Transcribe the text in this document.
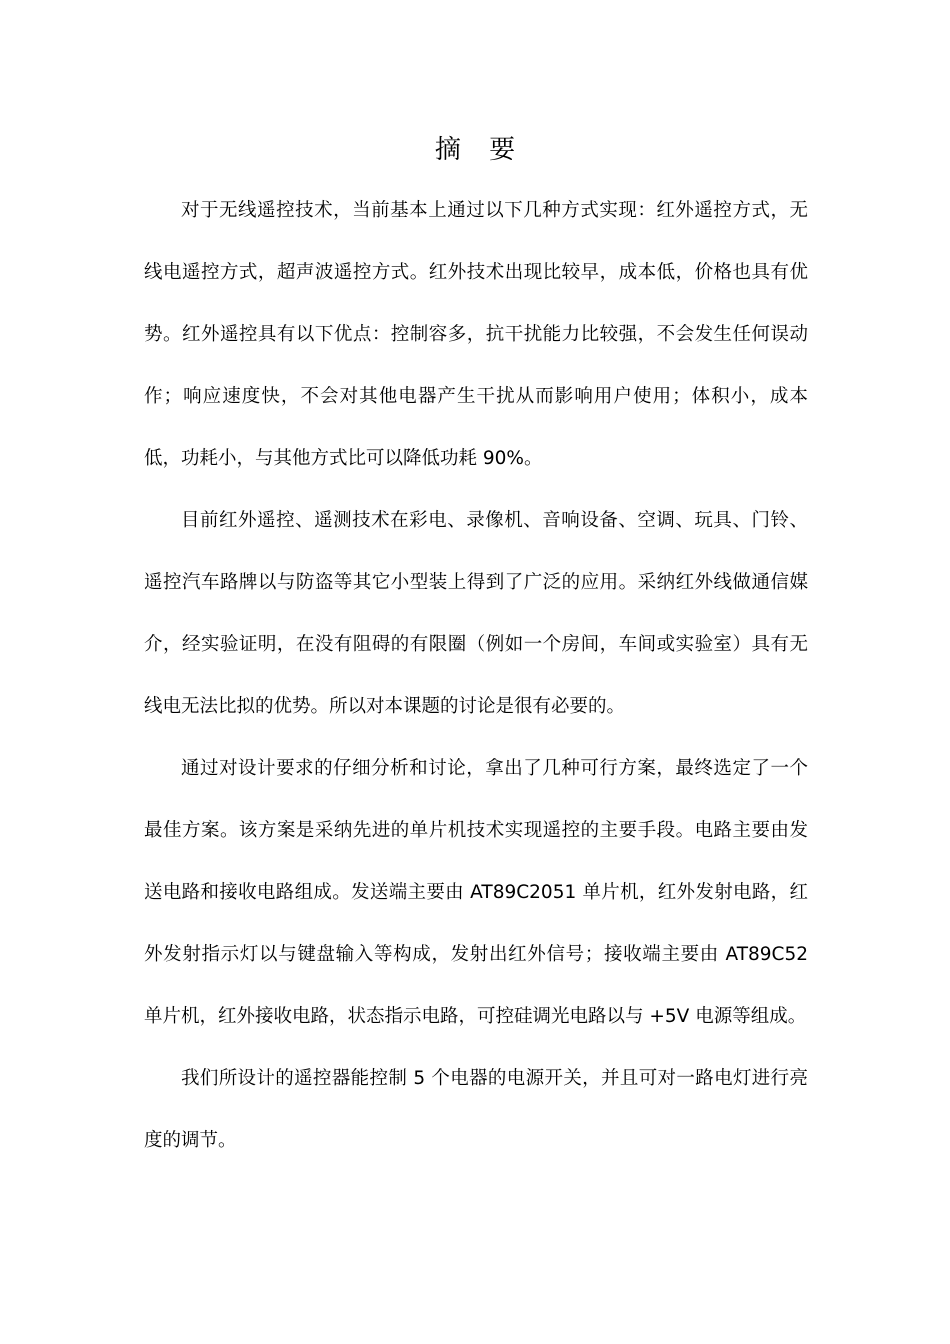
摘 要

对于无线遥控技术，当前基本上通过以下几种方式实现：红外遥控方式，无线电遥控方式，超声波遥控方式。红外技术出现比较早，成本低，价格也具有优势。红外遥控具有以下优点：控制容多，抗干扰能力比较强，不会发生任何误动作；响应速度快，不会对其他电器产生干扰从而影响用户使用；体积小，成本低，功耗小，与其他方式比可以降低功耗 90%。

目前红外遥控、遥测技术在彩电、录像机、音响设备、空调、玩具、门铃、遥控汽车路牌以与防盗等其它小型装上得到了广泛的应用。采纳红外线做通信媒介，经实验证明，在没有阻碍的有限圈（例如一个房间，车间或实验室）具有无线电无法比拟的优势。所以对本课题的讨论是很有必要的。

通过对设计要求的仔细分析和讨论，拿出了几种可行方案，最终选定了一个最佳方案。该方案是采纳先进的单片机技术实现遥控的主要手段。电路主要由发送电路和接收电路组成。发送端主要由 AT89C2051 单片机，红外发射电路，红外发射指示灯以与键盘输入等构成，发射出红外信号；接收端主要由 AT89C52 单片机，红外接收电路，状态指示电路，可控硅调光电路以与 +5V 电源等组成。

我们所设计的遥控器能控制 5 个电器的电源开关，并且可对一路电灯进行亮度的调节。
